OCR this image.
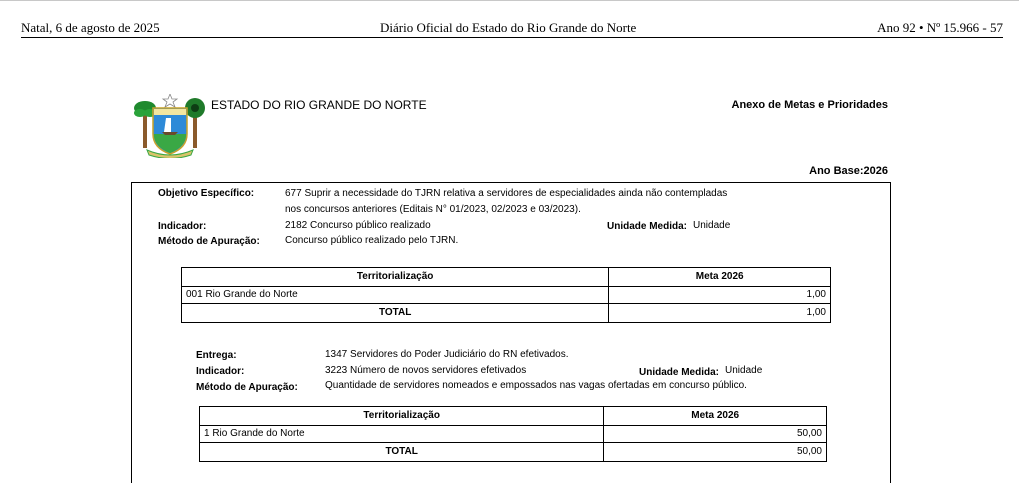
Natal, 6 de agosto de 2025	Diário Oficial do Estado do Rio Grande do Norte	Ano 92 • Nº 15.966 - 57
ESTADO DO RIO GRANDE DO NORTE	Anexo de Metas e Prioridades
Ano Base:2026
Objetivo Específico:	677 Suprir a necessidade do TJRN relativa a servidores de especialidades ainda não contempladas
nos concursos anteriores (Editais N° 01/2023, 02/2023 e 03/2023).
Indicador:	2182 Concurso público realizado	Unidade Medida: Unidade
Método de Apuração:	Concurso público realizado pelo TJRN.
Territorialização	Meta 2026
001 Rio Grande do Norte	1,00
TOTAL	1,00
Entrega:	1347 Servidores do Poder Judiciário do RN efetivados.
Indicador:	3223 Número de novos servidores efetivados	Unidade Medida: Unidade
Método de Apuração:	Quantidade de servidores nomeados e empossados nas vagas ofertadas em concurso público.
Territorialização	Meta 2026
1 Rio Grande do Norte	50,00
TOTAL	50,00
